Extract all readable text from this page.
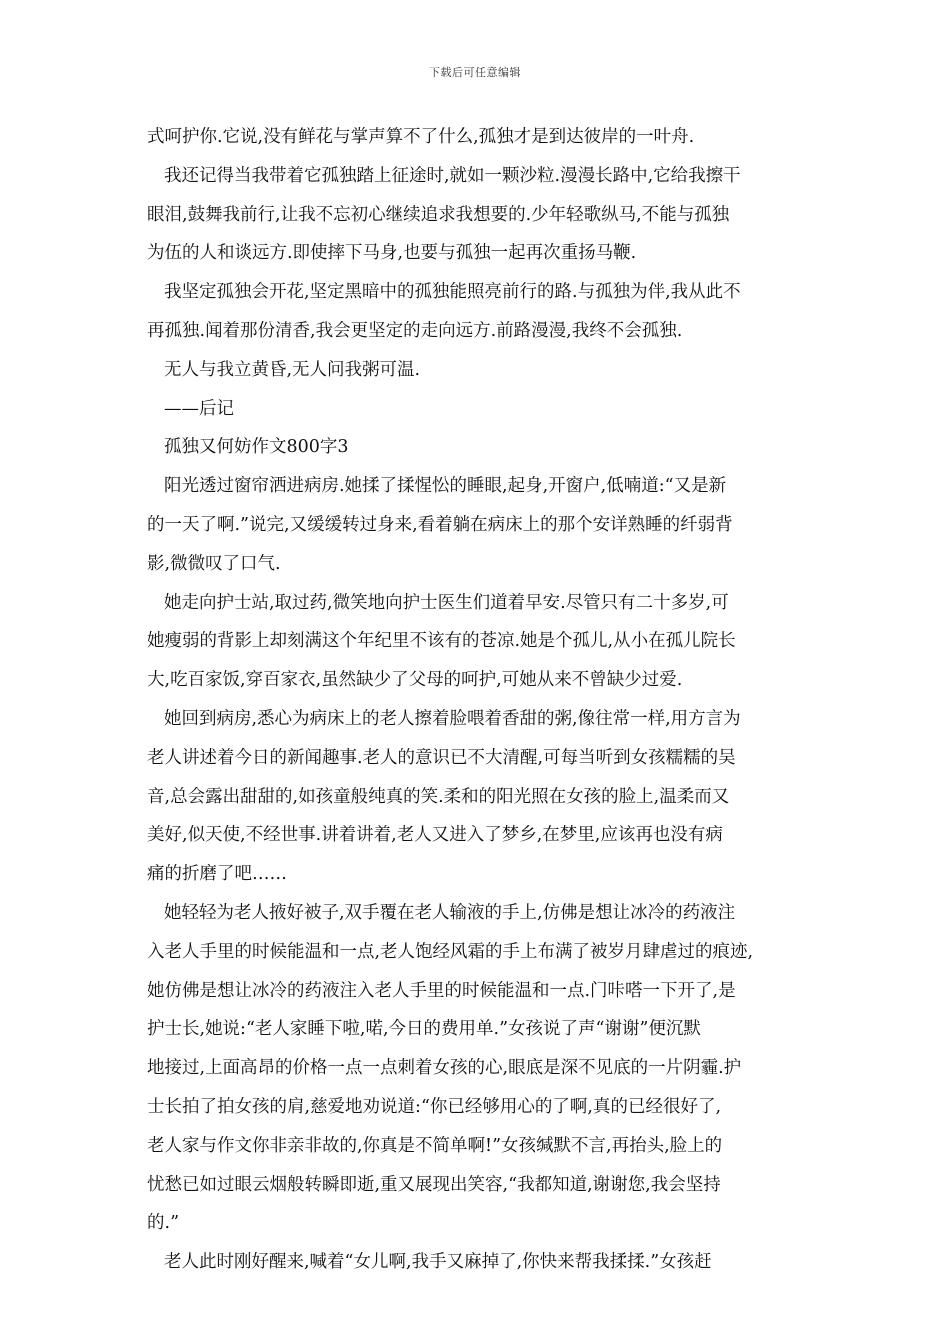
下载后可任意编辑
式呵护你.它说,没有鲜花与掌声算不了什么,孤独才是到达彼岸的一叶舟.
我还记得当我带着它孤独踏上征途时,就如一颗沙粒.漫漫长路中,它给我擦干
眼泪,鼓舞我前行,让我不忘初心继续追求我想要的.少年轻歌纵马,不能与孤独
为伍的人和谈远方.即使摔下马身,也要与孤独一起再次重扬马鞭.
我坚定孤独会开花,坚定黑暗中的孤独能照亮前行的路.与孤独为伴,我从此不
再孤独.闻着那份清香,我会更坚定的走向远方.前路漫漫,我终不会孤独.
无人与我立黄昏,无人问我粥可温.
——后记
孤独又何妨作文800字3
阳光透过窗帘洒进病房.她揉了揉惺忪的睡眼,起身,开窗户,低喃道:“又是新
的一天了啊.”说完,又缓缓转过身来,看着躺在病床上的那个安详熟睡的纤弱背
影,微微叹了口气.
她走向护士站,取过药,微笑地向护士医生们道着早安.尽管只有二十多岁,可
她瘦弱的背影上却刻满这个年纪里不该有的苍凉.她是个孤儿,从小在孤儿院长
大,吃百家饭,穿百家衣,虽然缺少了父母的呵护,可她从来不曾缺少过爱.
她回到病房,悉心为病床上的老人擦着脸喂着香甜的粥,像往常一样,用方言为
老人讲述着今日的新闻趣事.老人的意识已不大清醒,可每当听到女孩糯糯的吴
音,总会露出甜甜的,如孩童般纯真的笑.柔和的阳光照在女孩的脸上,温柔而又
美好,似天使,不经世事.讲着讲着,老人又进入了梦乡,在梦里,应该再也没有病
痛的折磨了吧……
她轻轻为老人掖好被子,双手覆在老人输液的手上,仿佛是想让冰冷的药液注
入老人手里的时候能温和一点,老人饱经风霜的手上布满了被岁月肆虐过的痕迹,
她仿佛是想让冰冷的药液注入老人手里的时候能温和一点.门咔嗒一下开了,是
护士长,她说:“老人家睡下啦,喏,今日的费用单.”女孩说了声“谢谢”便沉默
地接过,上面高昂的价格一点一点刺着女孩的心,眼底是深不见底的一片阴霾.护
士长拍了拍女孩的肩,慈爱地劝说道:“你已经够用心的了啊,真的已经很好了,
老人家与作文你非亲非故的,你真是不简单啊!”女孩缄默不言,再抬头,脸上的
忧愁已如过眼云烟般转瞬即逝,重又展现出笑容,“我都知道,谢谢您,我会坚持
的.”
老人此时刚好醒来,喊着“女儿啊,我手又麻掉了,你快来帮我揉揉.”女孩赶
